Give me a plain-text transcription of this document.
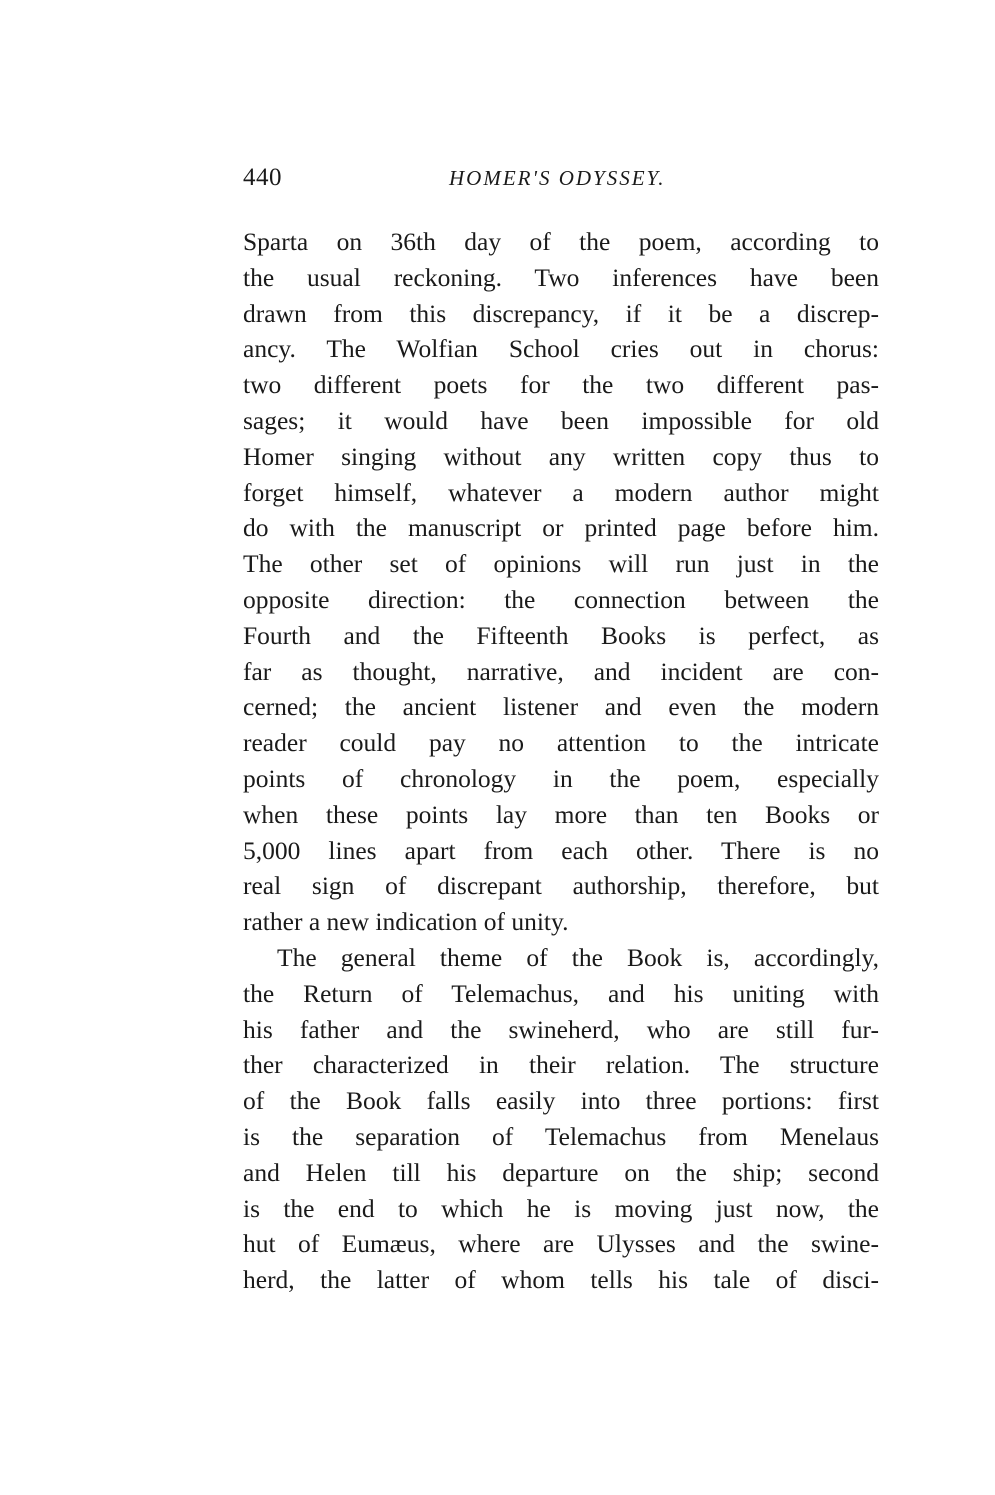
440	HOMER'S ODYSSEY.
Sparta on 36th day of the poem, according to
the usual reckoning. Two inferences have been
drawn from this discrepancy, if it be a discrep-
ancy. The Wolfian School cries out in chorus:
two different poets for the two different pas-
sages; it would have been impossible for old
Homer singing without any written copy thus to
forget himself, whatever a modern author might
do with the manuscript or printed page before him.
The other set of opinions will run just in the
opposite direction: the connection between the
Fourth and the Fifteenth Books is perfect, as
far as thought, narrative, and incident are con-
cerned; the ancient listener and even the modern
reader could pay no attention to the intricate
points of chronology in the poem, especially
when these points lay more than ten Books or
5,000 lines apart from each other. There is no
real sign of discrepant authorship, therefore, but
rather a new indication of unity.
The general theme of the Book is, accordingly,
the Return of Telemachus, and his uniting with
his father and the swineherd, who are still fur-
ther characterized in their relation. The structure
of the Book falls easily into three portions: first
is the separation of Telemachus from Menelaus
and Helen till his departure on the ship; second
is the end to which he is moving just now, the
hut of Eumæus, where are Ulysses and the swine-
herd, the latter of whom tells his tale of disci-
